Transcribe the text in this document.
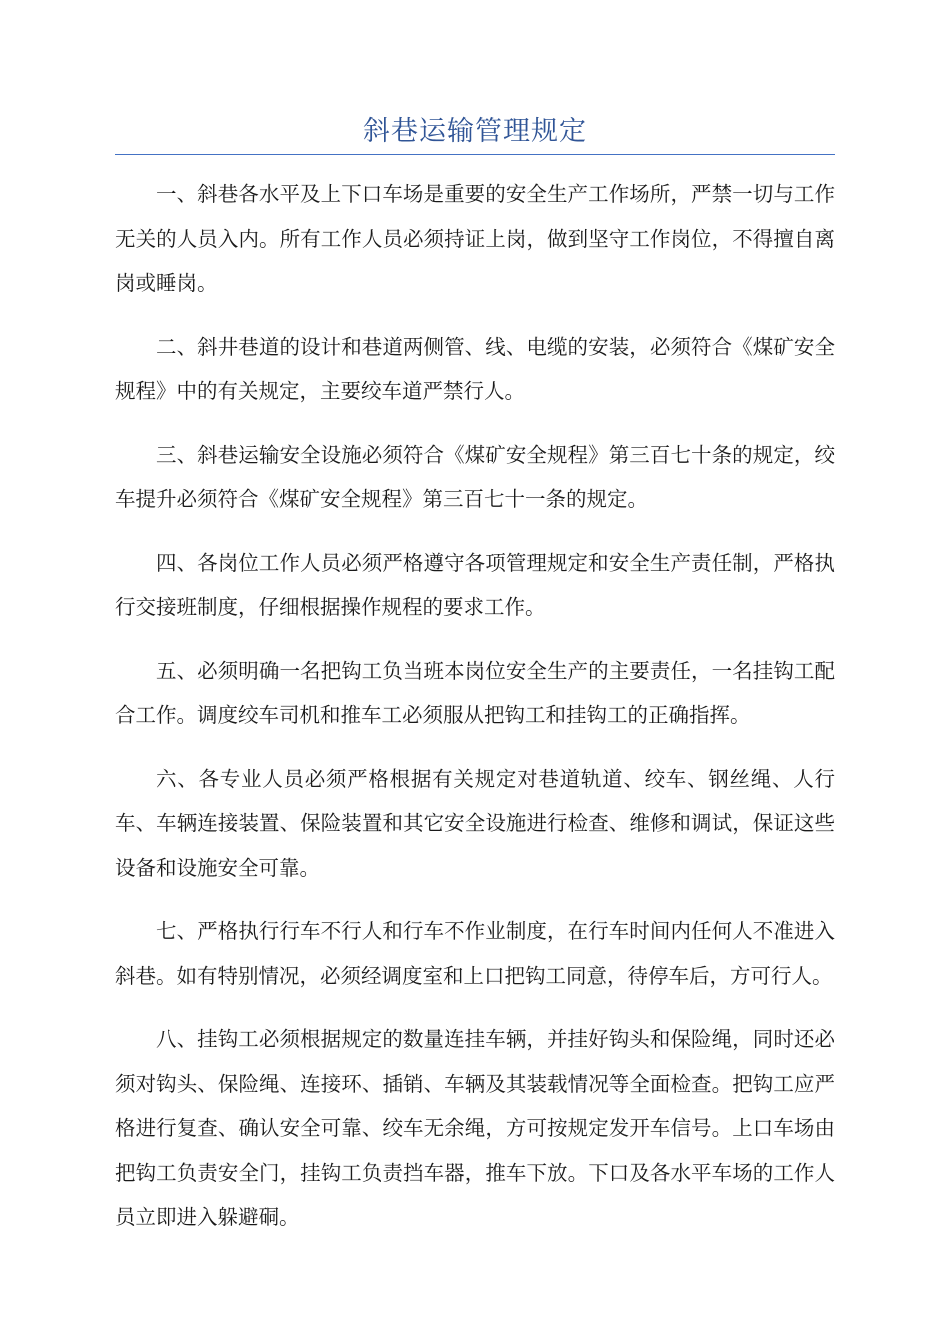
斜巷运输管理规定

一、斜巷各水平及上下口车场是重要的安全生产工作场所，严禁一切与工作无关的人员入内。所有工作人员必须持证上岗，做到坚守工作岗位，不得擅自离岗或睡岗。

二、斜井巷道的设计和巷道两侧管、线、电缆的安装，必须符合《煤矿安全规程》中的有关规定，主要绞车道严禁行人。

三、斜巷运输安全设施必须符合《煤矿安全规程》第三百七十条的规定，绞车提升必须符合《煤矿安全规程》第三百七十一条的规定。

四、各岗位工作人员必须严格遵守各项管理规定和安全生产责任制，严格执行交接班制度，仔细根据操作规程的要求工作。

五、必须明确一名把钩工负当班本岗位安全生产的主要责任，一名挂钩工配合工作。调度绞车司机和推车工必须服从把钩工和挂钩工的正确指挥。

六、各专业人员必须严格根据有关规定对巷道轨道、绞车、钢丝绳、人行车、车辆连接装置、保险装置和其它安全设施进行检查、维修和调试，保证这些设备和设施安全可靠。

七、严格执行行车不行人和行车不作业制度，在行车时间内任何人不准进入斜巷。如有特别情况，必须经调度室和上口把钩工同意，待停车后，方可行人。

八、挂钩工必须根据规定的数量连挂车辆，并挂好钩头和保险绳，同时还必须对钩头、保险绳、连接环、插销、车辆及其装载情况等全面检查。把钩工应严格进行复查、确认安全可靠、绞车无余绳，方可按规定发开车信号。上口车场由把钩工负责安全门，挂钩工负责挡车器，推车下放。下口及各水平车场的工作人员立即进入躲避硐。
